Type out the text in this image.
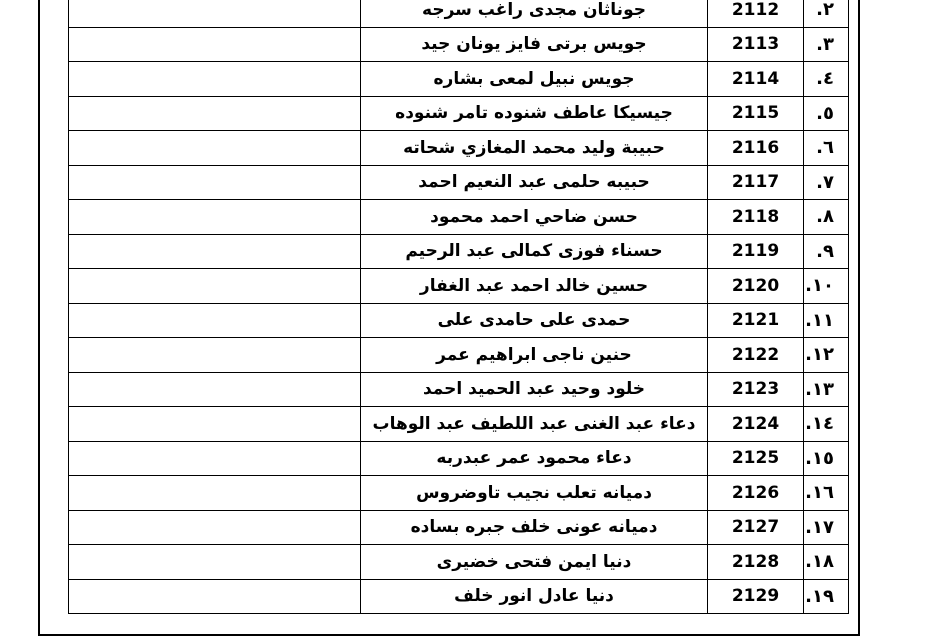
	جوناثان مجدى راغب سرجه	2112	٢.
	جويس برتى فايز يونان جيد	2113	٣.
	جويس نبيل لمعى بشاره	2114	٤.
	جيسيكا عاطف شنوده تامر شنوده	2115	٥.
	حبيبة وليد محمد المغازي شحاته	2116	٦.
	حبيبه حلمى عبد النعيم احمد	2117	٧.
	حسن ضاحي احمد محمود	2118	٨.
	حسناء فوزى كمالى عبد الرحيم	2119	٩.
	حسين خالد احمد عبد الغفار	2120	١٠.
	حمدى على حامدى على	2121	١١.
	حنين ناجى ابراهيم عمر	2122	١٢.
	خلود وحيد عبد الحميد احمد	2123	١٣.
	دعاء عبد الغنى عبد اللطيف عبد الوهاب	2124	١٤.
	دعاء محمود عمر عبدربه	2125	١٥.
	دميانه تعلب نجيب تاوضروس	2126	١٦.
	دميانه عونى خلف جبره بساده	2127	١٧.
	دنيا ايمن فتحى خضيرى	2128	١٨.
	دنيا عادل انور خلف	2129	١٩.
